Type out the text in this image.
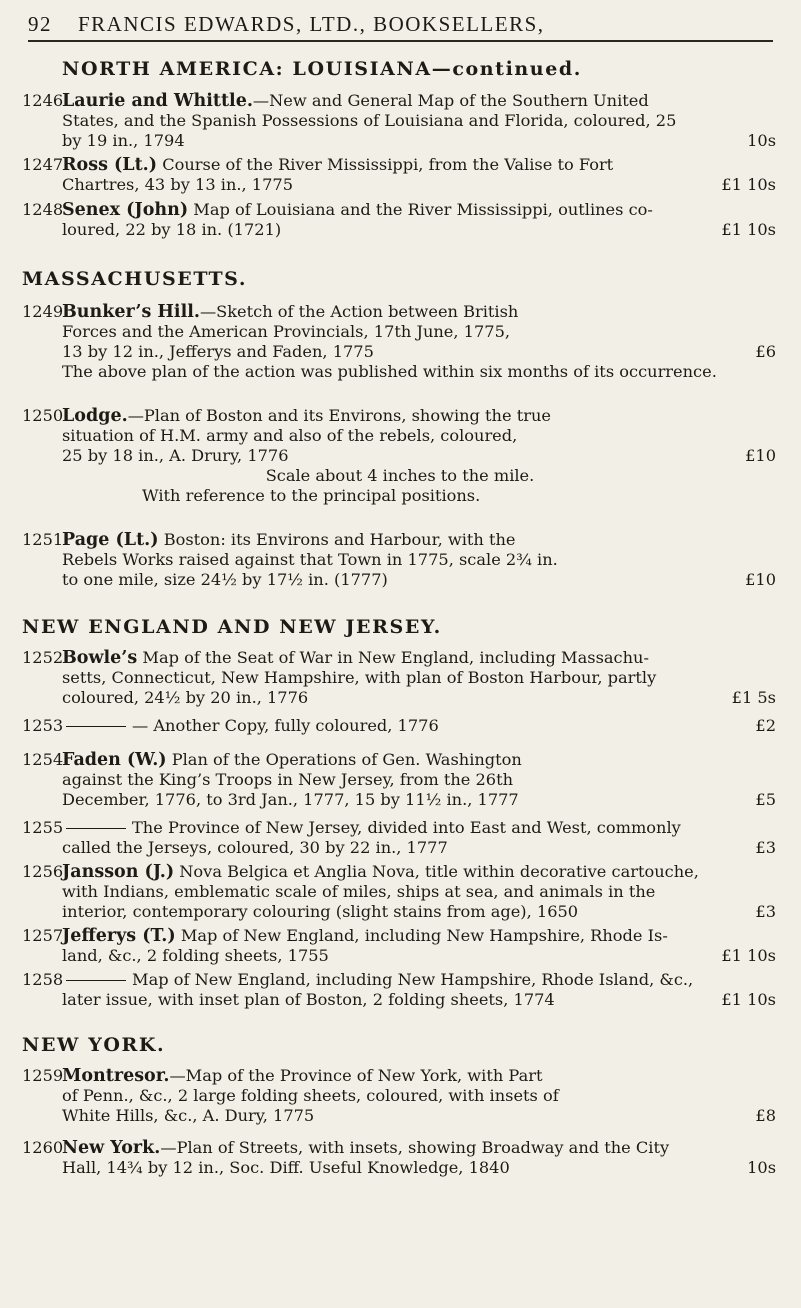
92 FRANCIS EDWARDS, LTD., BOOKSELLERS,
NORTH AMERICA: LOUISIANA—continued.
1246Laurie and Whittle.—New and General Map of the Southern United
States, and the Spanish Possessions of Louisiana and Florida, coloured, 25
by 19 in., 1794	10s
1247Ross (Lt.) Course of the River Mississippi, from the Valise to Fort
Chartres, 43 by 13 in., 1775	£1 10s
1248Senex (John) Map of Louisiana and the River Mississippi, outlines co-
loured, 22 by 18 in. (1721)	£1 10s
MASSACHUSETTS.
1249Bunker’s Hill.—Sketch of the Action between British
Forces and the American Provincials, 17th June, 1775,
13 by 12 in., Jefferys and Faden, 1775	£6
The above plan of the action was published within six months of its occurrence.
1250Lodge.—Plan of Boston and its Environs, showing the true
situation of H.M. army and also of the rebels, coloured,
25 by 18 in., A. Drury, 1776	£10
Scale about 4 inches to the mile.
With reference to the principal positions.
1251Page (Lt.) Boston: its Environs and Harbour, with the
Rebels Works raised against that Town in 1775, scale 2¾ in.
to one mile, size 24½ by 17½ in. (1777)	£10
NEW ENGLAND AND NEW JERSEY.
1252Bowle’s Map of the Seat of War in New England, including Massachu-
setts, Connecticut, New Hampshire, with plan of Boston Harbour, partly
coloured, 24½ by 20 in., 1776	£1 5s
1253	— Another Copy, fully coloured, 1776	£2
1254Faden (W.) Plan of the Operations of Gen. Washington
against the King’s Troops in New Jersey, from the 26th
December, 1776, to 3rd Jan., 1777, 15 by 11½ in., 1777	£5
1255	The Province of New Jersey, divided into East and West, commonly
called the Jerseys, coloured, 30 by 22 in., 1777	£3
1256Jansson (J.) Nova Belgica et Anglia Nova, title within decorative cartouche,
with Indians, emblematic scale of miles, ships at sea, and animals in the
interior, contemporary colouring (slight stains from age), 1650	£3
1257Jefferys (T.) Map of New England, including New Hampshire, Rhode Is-
land, &c., 2 folding sheets, 1755	£1 10s
1258	Map of New England, including New Hampshire, Rhode Island, &c.,
later issue, with inset plan of Boston, 2 folding sheets, 1774	£1 10s
NEW YORK.
1259Montresor.—Map of the Province of New York, with Part
of Penn., &c., 2 large folding sheets, coloured, with insets of
White Hills, &c., A. Dury, 1775	£8
1260New York.—Plan of Streets, with insets, showing Broadway and the City
Hall, 14¾ by 12 in., Soc. Diff. Useful Knowledge, 1840	10s
